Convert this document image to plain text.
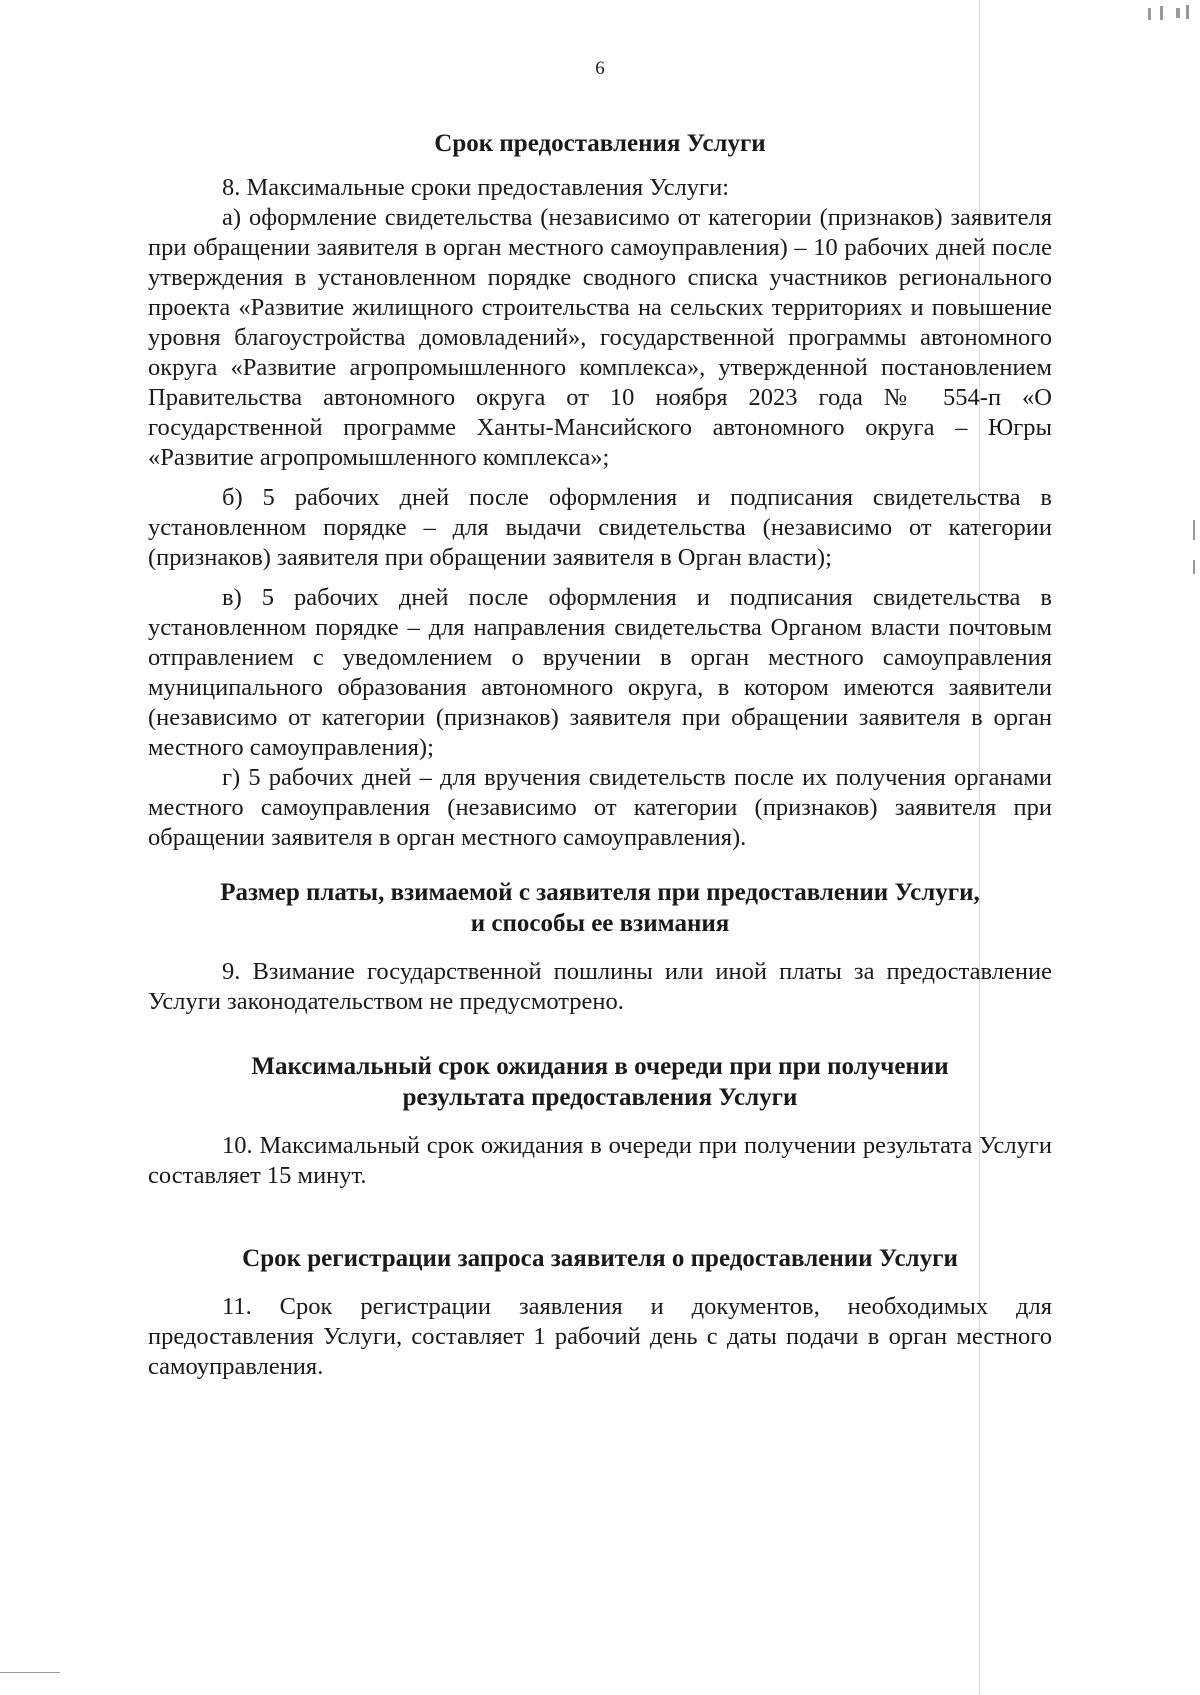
6
Срок предоставления Услуги

8. Максимальные сроки предоставления Услуги:

а) оформление свидетельства (независимо от категории (признаков) заявителя при обращении заявителя в орган местного самоуправления) – 10 рабочих дней после утверждения в установленном порядке сводного списка участников регионального проекта «Развитие жилищного строительства на сельских территориях и повышение уровня благоустройства домовладений», государственной программы автономного округа «Развитие агропромышленного комплекса», утвержденной постановлением Правительства автономного округа от 10 ноября 2023 года № 554-п «О государственной программе Ханты-Мансийского автономного округа – Югры «Развитие агропромышленного комплекса»;

б) 5 рабочих дней после оформления и подписания свидетельства в установленном порядке – для выдачи свидетельства (независимо от категории (признаков) заявителя при обращении заявителя в Орган власти);

в) 5 рабочих дней после оформления и подписания свидетельства в установленном порядке – для направления свидетельства Органом власти почтовым отправлением с уведомлением о вручении в орган местного самоуправления муниципального образования автономного округа, в котором имеются заявители (независимо от категории (признаков) заявителя при обращении заявителя в орган местного самоуправления);

г) 5 рабочих дней – для вручения свидетельств после их получения органами местного самоуправления (независимо от категории (признаков) заявителя при обращении заявителя в орган местного самоуправления).

Размер платы, взимаемой с заявителя при предоставлении Услуги,
и способы ее взимания

9. Взимание государственной пошлины или иной платы за предоставление Услуги законодательством не предусмотрено.

Максимальный срок ожидания в очереди при при получении
результата предоставления Услуги

10. Максимальный срок ожидания в очереди при получении результата Услуги составляет 15 минут.

Срок регистрации запроса заявителя о предоставлении Услуги

11. Срок регистрации заявления и документов, необходимых для предоставления Услуги, составляет 1 рабочий день с даты подачи в орган местного самоуправления.
